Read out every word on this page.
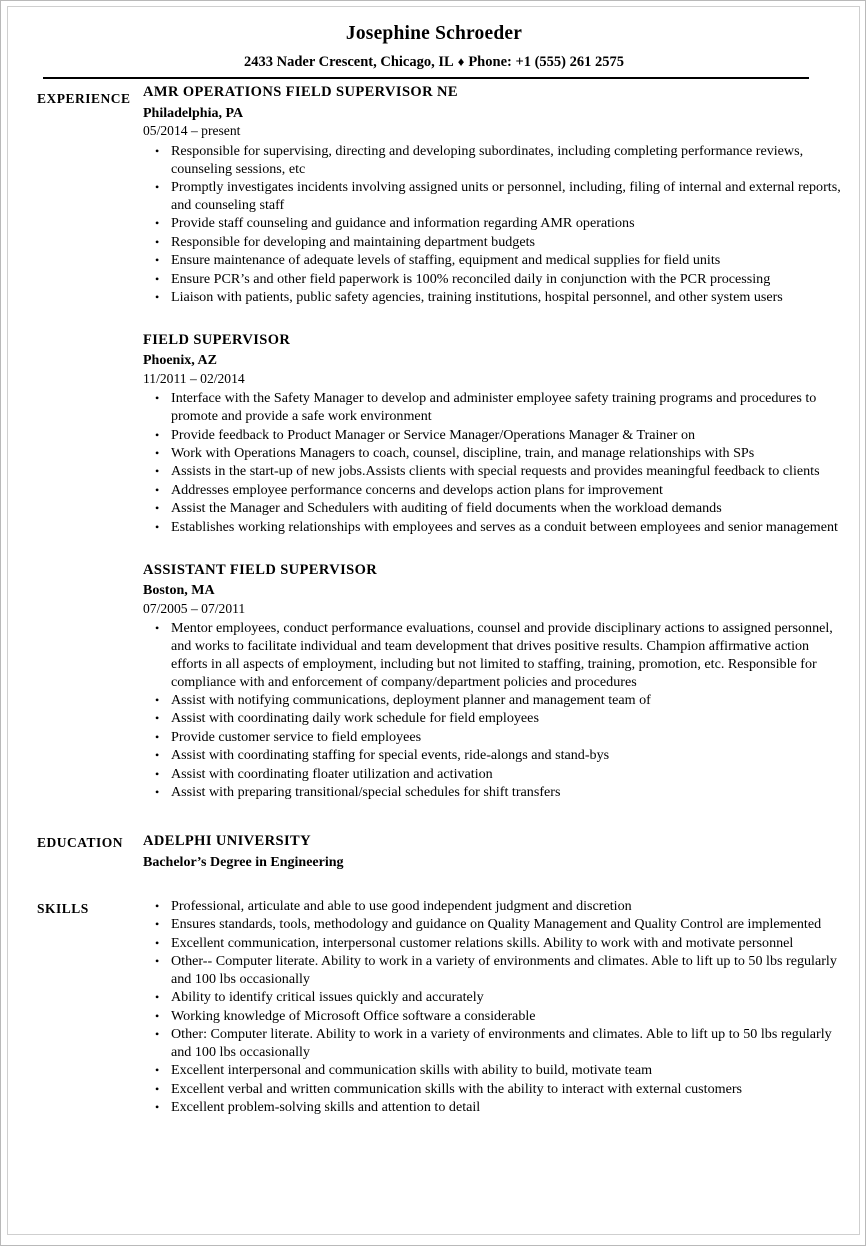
Josephine Schroeder
2433 Nader Crescent, Chicago, IL ♦ Phone: +1 (555) 261 2575
EXPERIENCE AMR OPERATIONS FIELD SUPERVISOR NE
Philadelphia, PA
05/2014 – present
• Responsible for supervising, directing and developing subordinates, including completing performance reviews, counseling sessions, etc
• Promptly investigates incidents involving assigned units or personnel, including, filing of internal and external reports, and counseling staff
• Provide staff counseling and guidance and information regarding AMR operations
• Responsible for developing and maintaining department budgets
• Ensure maintenance of adequate levels of staffing, equipment and medical supplies for field units
• Ensure PCR’s and other field paperwork is 100% reconciled daily in conjunction with the PCR processing
• Liaison with patients, public safety agencies, training institutions, hospital personnel, and other system users
FIELD SUPERVISOR
Phoenix, AZ
11/2011 – 02/2014
• Interface with the Safety Manager to develop and administer employee safety training programs and procedures to promote and provide a safe work environment
• Provide feedback to Product Manager or Service Manager/Operations Manager & Trainer on
• Work with Operations Managers to coach, counsel, discipline, train, and manage relationships with SPs
• Assists in the start-up of new jobs.Assists clients with special requests and provides meaningful feedback to clients
• Addresses employee performance concerns and develops action plans for improvement
• Assist the Manager and Schedulers with auditing of field documents when the workload demands
• Establishes working relationships with employees and serves as a conduit between employees and senior management
ASSISTANT FIELD SUPERVISOR
Boston, MA
07/2005 – 07/2011
• Mentor employees, conduct performance evaluations, counsel and provide disciplinary actions to assigned personnel, and works to facilitate individual and team development that drives positive results. Champion affirmative action efforts in all aspects of employment, including but not limited to staffing, training, promotion, etc. Responsible for compliance with and enforcement of company/department policies and procedures
• Assist with notifying communications, deployment planner and management team of
• Assist with coordinating daily work schedule for field employees
• Provide customer service to field employees
• Assist with coordinating staffing for special events, ride-alongs and stand-bys
• Assist with coordinating floater utilization and activation
• Assist with preparing transitional/special schedules for shift transfers
EDUCATION	ADELPHI UNIVERSITY
Bachelor’s Degree in Engineering
SKILLS	• Professional, articulate and able to use good independent judgment and discretion
• Ensures standards, tools, methodology and guidance on Quality Management and Quality Control are implemented
• Excellent communication, interpersonal customer relations skills. Ability to work with and motivate personnel
• Other-- Computer literate. Ability to work in a variety of environments and climates. Able to lift up to 50 lbs regularly and 100 lbs occasionally
• Ability to identify critical issues quickly and accurately
• Working knowledge of Microsoft Office software a considerable
• Other: Computer literate. Ability to work in a variety of environments and climates. Able to lift up to 50 lbs regularly and 100 lbs occasionally
• Excellent interpersonal and communication skills with ability to build, motivate team
• Excellent verbal and written communication skills with the ability to interact with external customers
• Excellent problem-solving skills and attention to detail
